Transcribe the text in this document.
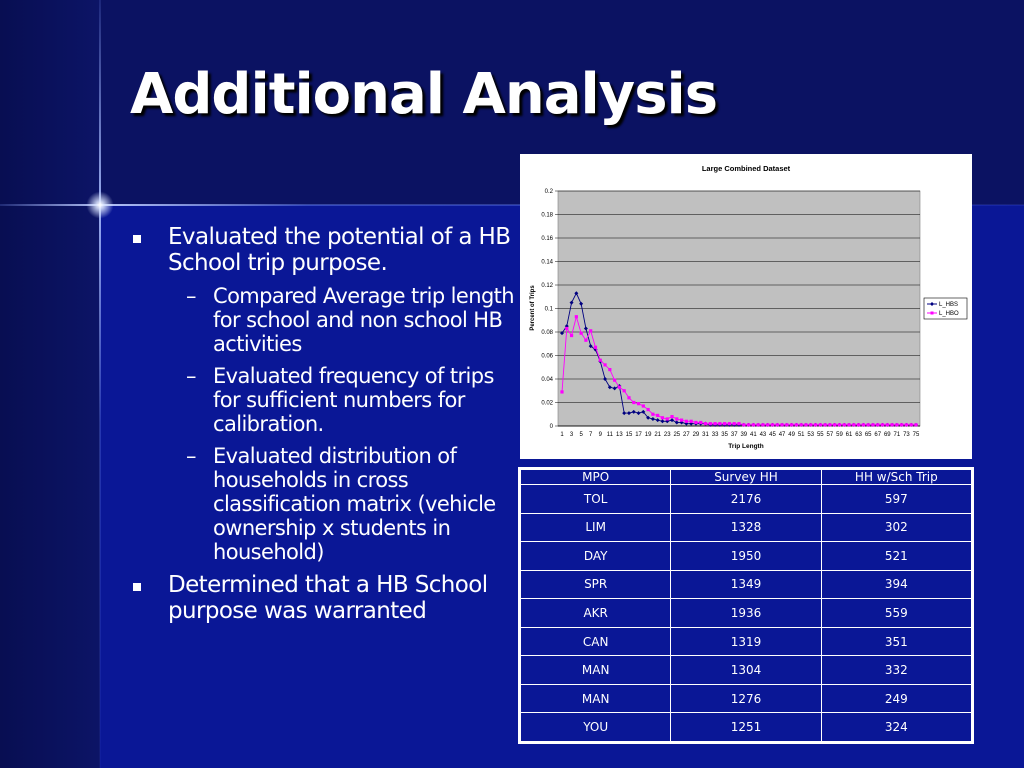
Additional Analysis
Evaluated the potential of a HB School trip purpose.
– Compared Average trip length for school and non school HB activities
– Evaluated frequency of trips for sufficient numbers for calibration.
– Evaluated distribution of households in cross classification matrix (vehicle ownership x students in household)
Determined that a HB School purpose was warranted
Large Combined Dataset
0
0.02
0.04
0.06
0.08
0.1
0.12
0.14
0.16
0.18
0.2
1 3 5 7 9 11 13 15 17 19 21 23 25 27 29 31 33 35 37 39 41 43 45 47 49 51 53 55 57 59 61 63 65 67 69 71 73 75
Trip Length
Percent of Trips	L_HBS
L_HBO
MPO	Survey HH	HH w/Sch Trip
TOL	2176	597
LIM	1328	302
DAY	1950	521
SPR	1349	394
AKR	1936	559
CAN	1319	351
MAN	1304	332
MAN	1276	249
YOU	1251	324
